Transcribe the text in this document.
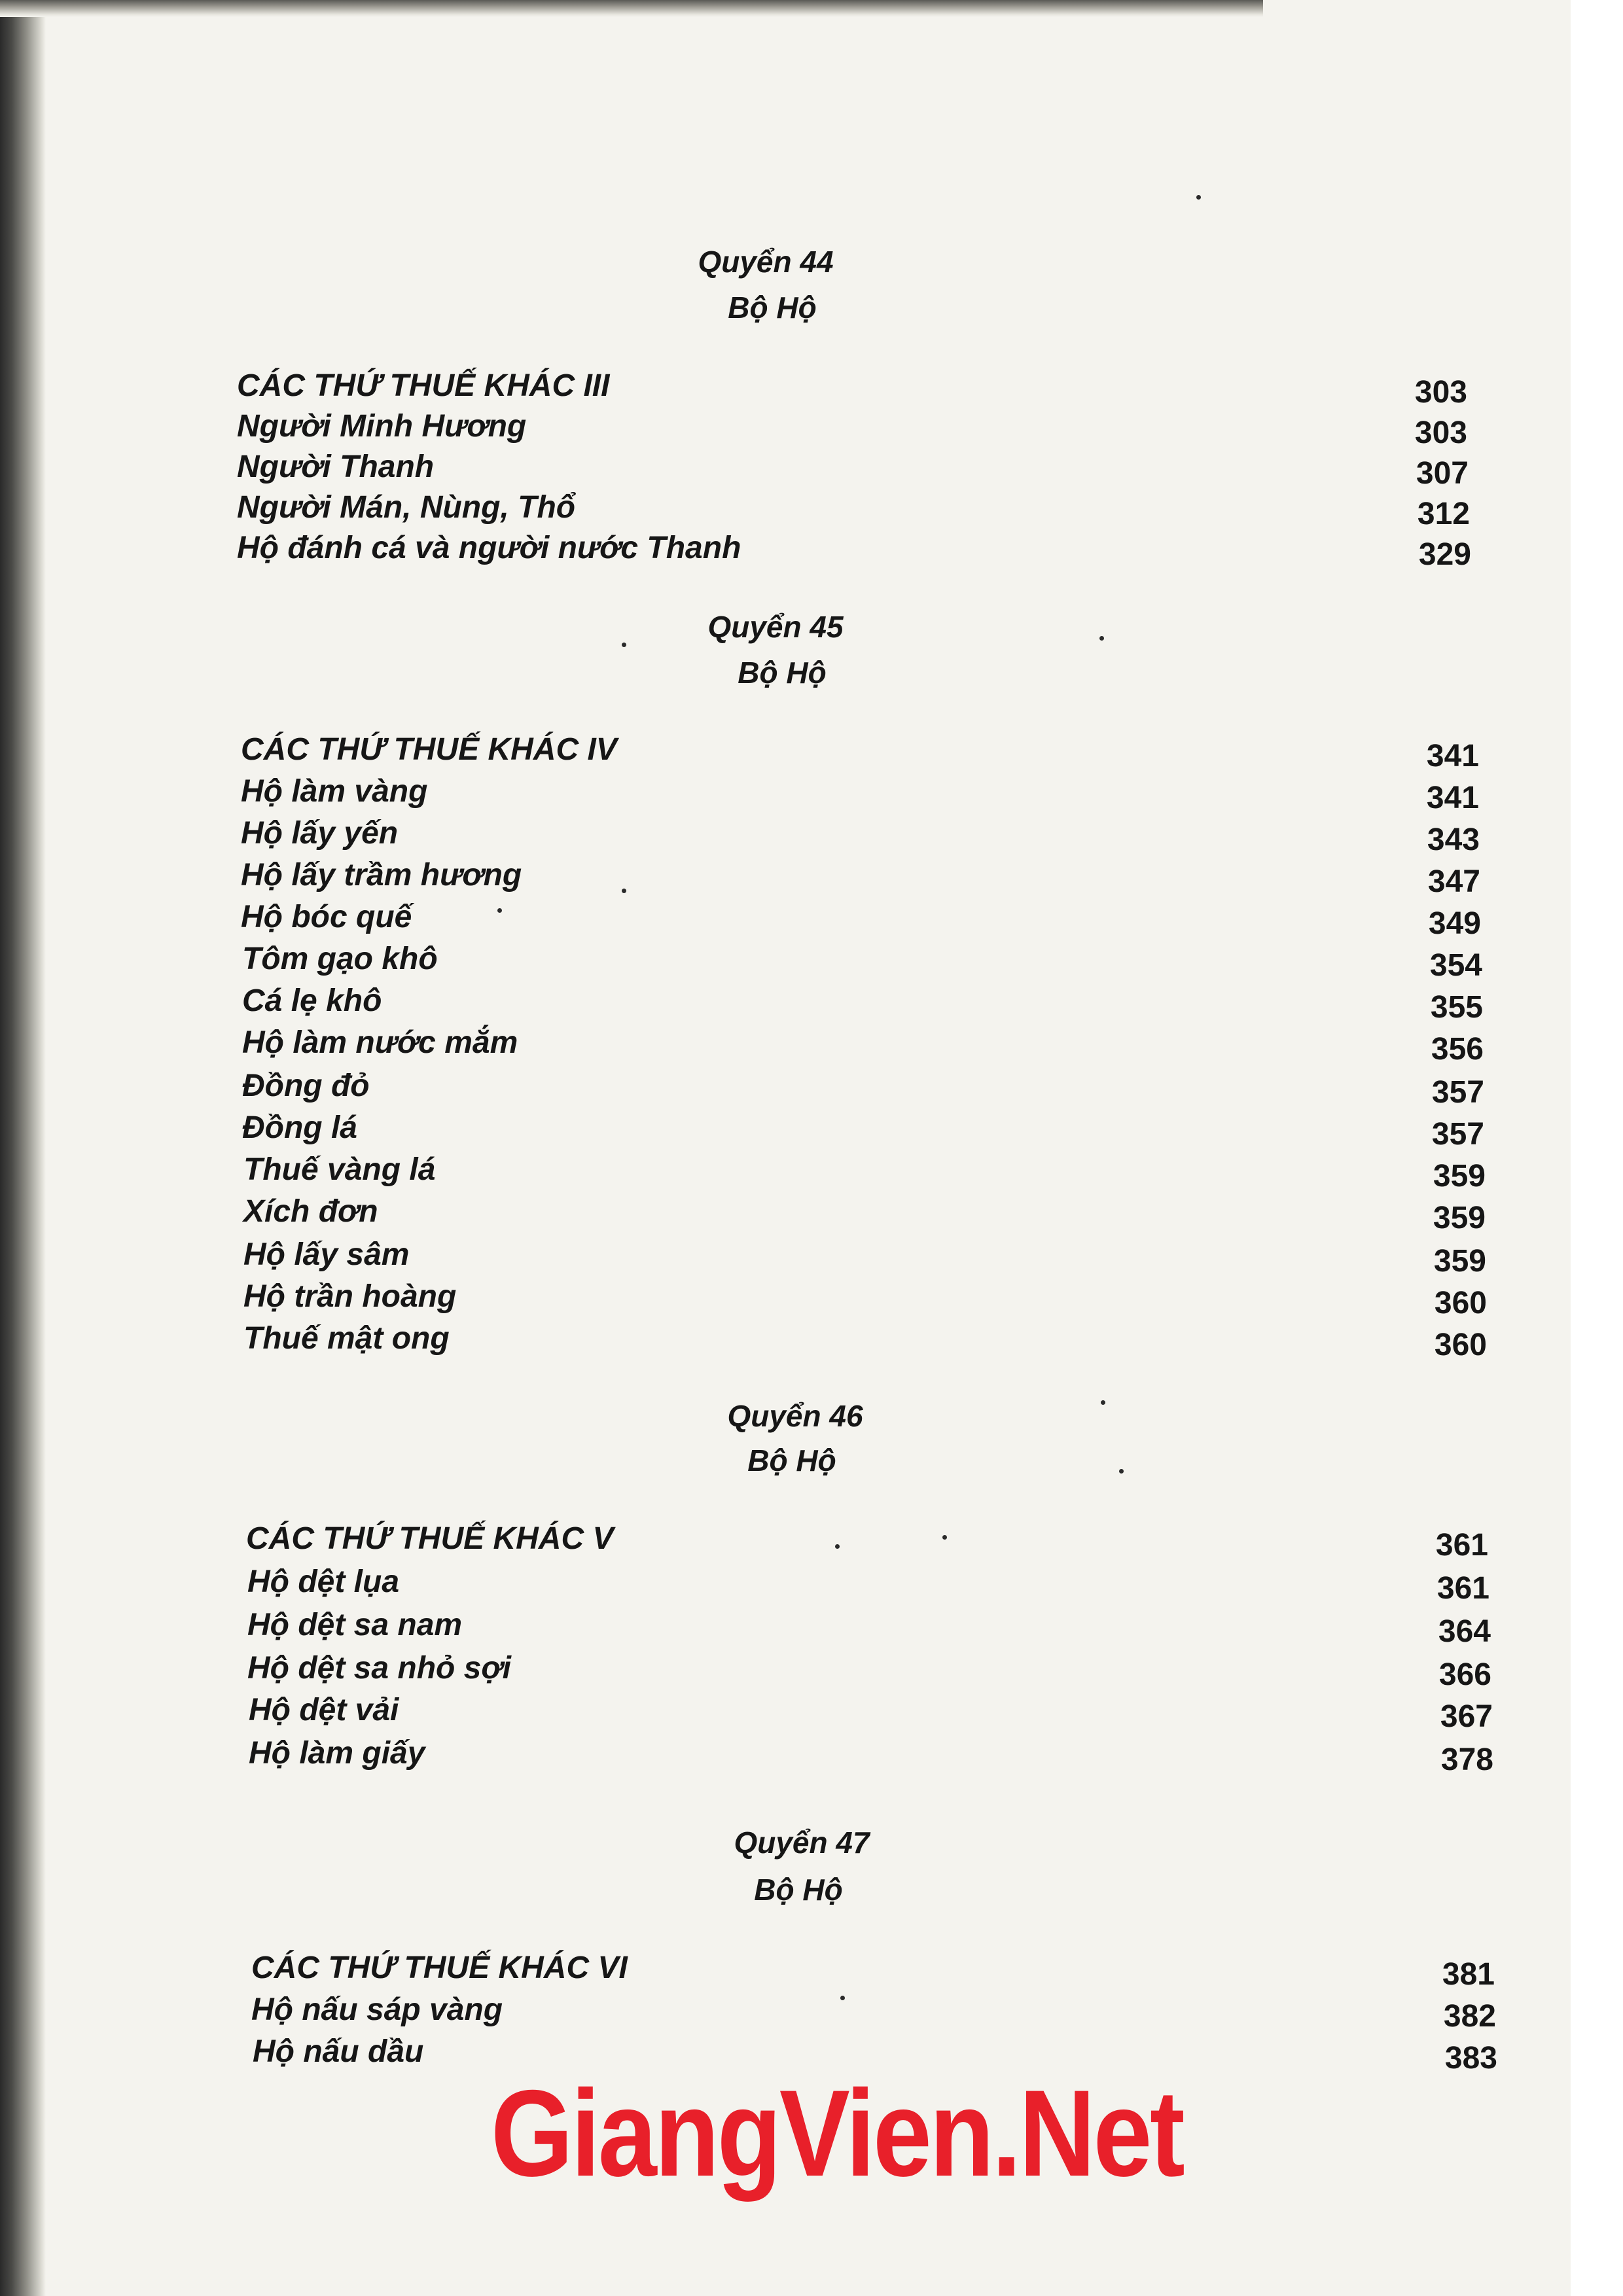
Quyển 44
Bộ Hộ
CÁC THỨ THUẾ KHÁC III	303
Người Minh Hương	303
Người Thanh	307
Người Mán, Nùng, Thổ	312
Hộ đánh cá và người nước Thanh	329
Quyển 45
Bộ Hộ
CÁC THỨ THUẾ KHÁC IV	341
Hộ làm vàng	341
Hộ lấy yến	343
Hộ lấy trầm hương	347
Hộ bóc quế	349
Tôm gạo khô	354
Cá lẹ khô	355
Hộ làm nước mắm	356
Đồng đỏ	357
Đồng lá	357
Thuế vàng lá	359
Xích đơn	359
Hộ lấy sâm	359
Hộ trần hoàng	360
Thuế mật ong	360
Quyển 46
Bộ Hộ
CÁC THỨ THUẾ KHÁC V	361
Hộ dệt lụa	361
Hộ dệt sa nam	364
Hộ dệt sa nhỏ sợi	366
Hộ dệt vải	367
Hộ làm giấy	378
Quyển 47
Bộ Hộ
CÁC THỨ THUẾ KHÁC VI	381
Hộ nấu sáp vàng	382
Hộ nấu dầu	383
GiangVien.Net
